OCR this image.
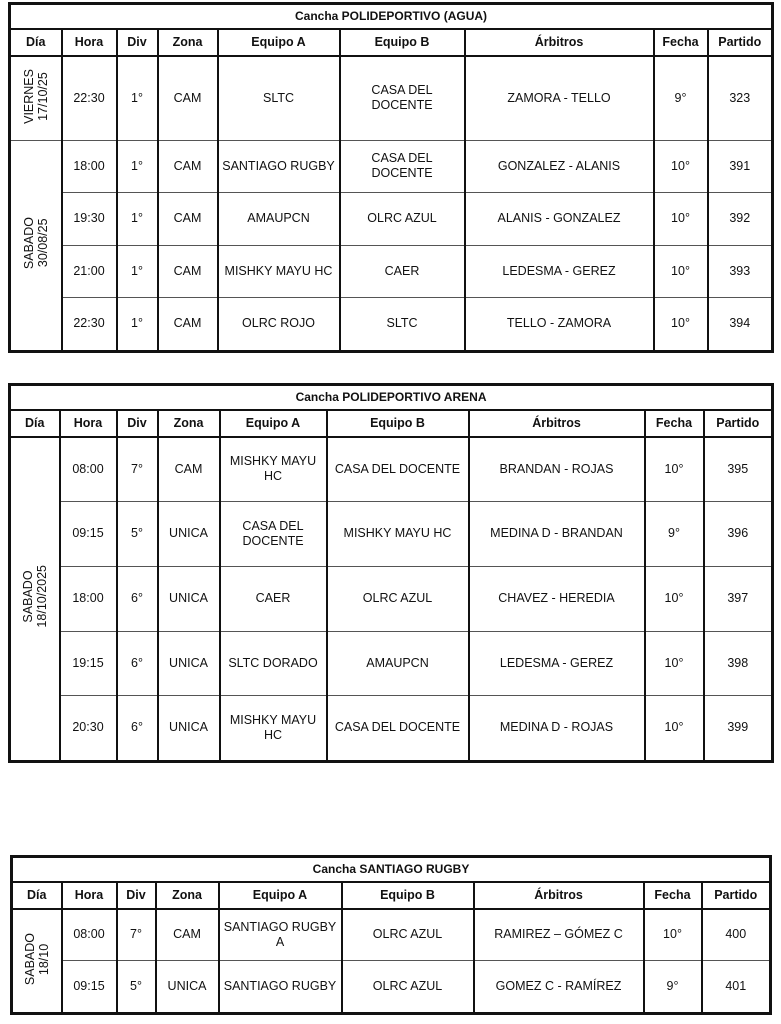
Cancha POLIDEPORTIVO (AGUA)								
Día	Hora	Div	Zona	Equipo A	Equipo B	Árbitros	Fecha	Partido
VIERNES
17/10/25	22:30	1°	CAM	SLTC	CASA DEL DOCENTE	ZAMORA - TELLO	9°	323
SABADO
30/08/25	18:00	1°	CAM	SANTIAGO RUGBY	CASA DEL DOCENTE	GONZALEZ - ALANIS	10°	391
	19:30	1°	CAM	AMAUPCN	OLRC AZUL	ALANIS - GONZALEZ	10°	392
	21:00	1°	CAM	MISHKY MAYU HC	CAER	LEDESMA - GEREZ	10°	393
	22:30	1°	CAM	OLRC ROJO	SLTC	TELLO - ZAMORA	10°	394
Cancha POLIDEPORTIVO ARENA								
Día	Hora	Div	Zona	Equipo A	Equipo B	Árbitros	Fecha	Partido
SABADO
18/10/2025	08:00	7°	CAM	MISHKY MAYU HC	CASA DEL DOCENTE	BRANDAN - ROJAS	10°	395
	09:15	5°	UNICA	CASA DEL DOCENTE	MISHKY MAYU HC	MEDINA D - BRANDAN	9°	396
	18:00	6°	UNICA	CAER	OLRC AZUL	CHAVEZ - HEREDIA	10°	397
	19:15	6°	UNICA	SLTC DORADO	AMAUPCN	LEDESMA - GEREZ	10°	398
	20:30	6°	UNICA	MISHKY MAYU HC	CASA DEL DOCENTE	MEDINA D - ROJAS	10°	399
Cancha SANTIAGO RUGBY								
Día	Hora	Div	Zona	Equipo A	Equipo B	Árbitros	Fecha	Partido
SABADO
18/10	08:00	7°	CAM	SANTIAGO RUGBY A	OLRC AZUL	RAMIREZ – GÓMEZ C	10°	400
	09:15	5°	UNICA	SANTIAGO RUGBY	OLRC AZUL	GOMEZ C - RAMÍREZ	9°	401
